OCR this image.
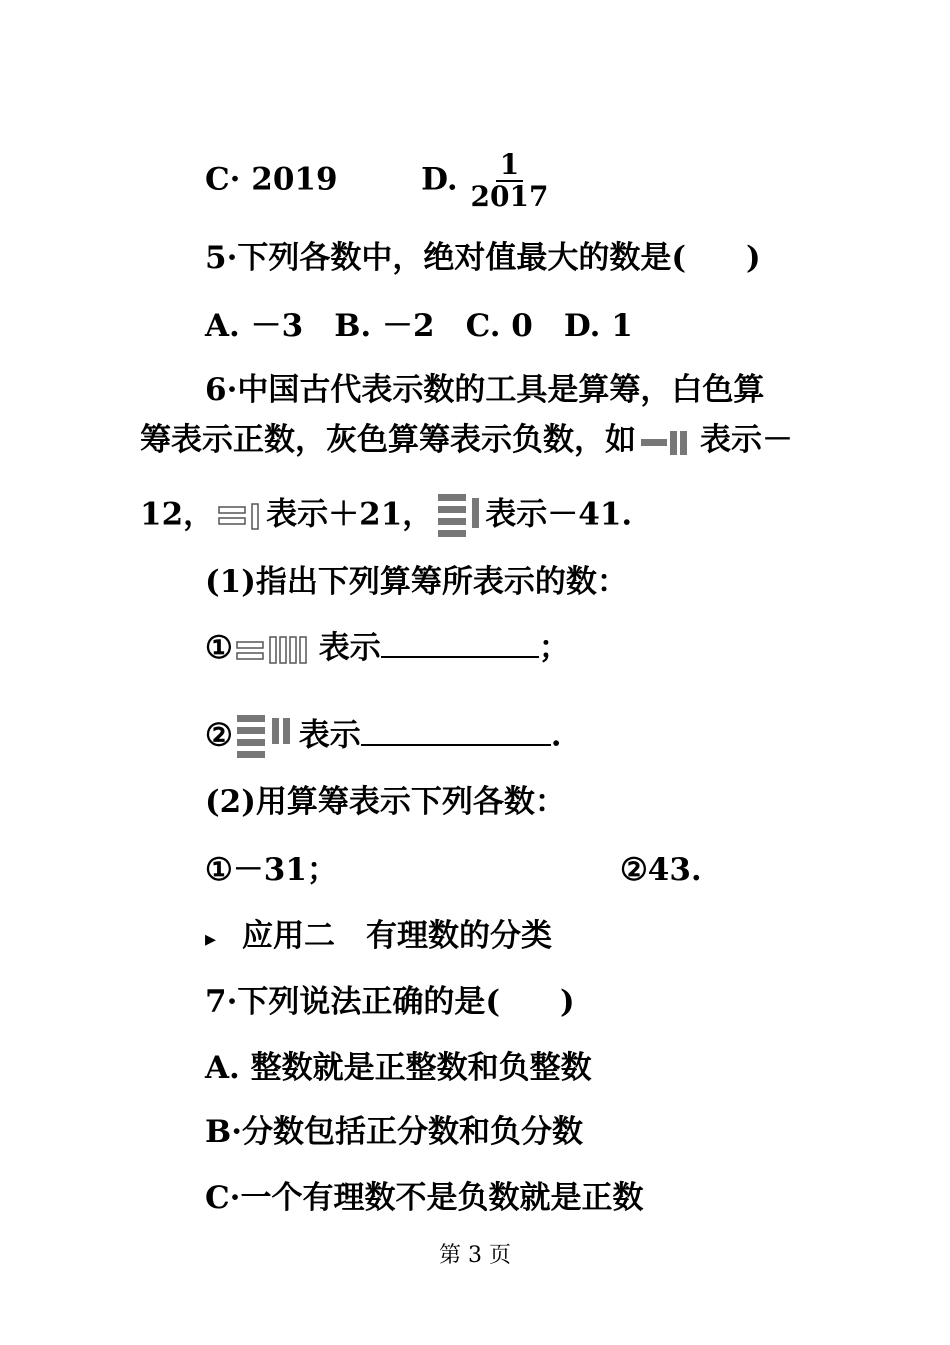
C· 2019	D. $\frac{1}{2017}$
5·下列各数中，绝对值最大的数是( )
A. －3　B. －2　C. 0　D. 1
6·中国古代表示数的工具是算筹，白色算
筹表示正数，灰色算筹表示负数，如 表示－
12， 表示＋21， 表示－41.
(1)指出下列算筹所表示的数：
①	表示	；
② 表示	.
(2)用算筹表示下列各数：
①－31；	②43.
▸ 应用二　有理数的分类
7·下列说法正确的是( )
A. 整数就是正整数和负整数
B·分数包括正分数和负分数
C·一个有理数不是负数就是正数
第 3 页
